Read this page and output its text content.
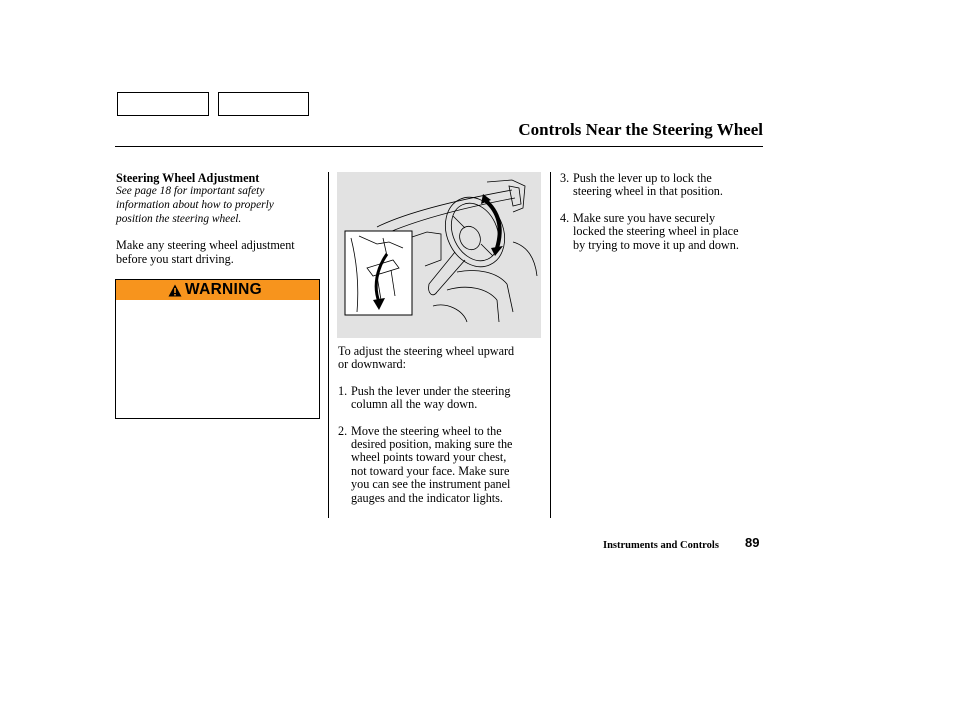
Controls Near the Steering Wheel
Steering Wheel Adjustment
See page 18 for important safety
information about how to properly
position the steering wheel.

Make any steering wheel adjustment
before you start driving.

WARNING
To adjust the steering wheel upward
or downward:
1. Push the lever under the steering
column all the way down.
2. Move the steering wheel to the
desired position, making sure the
wheel points toward your chest,
not toward your face. Make sure
you can see the instrument panel
gauges and the indicator lights.
3. Push the lever up to lock the
steering wheel in that position.
4. Make sure you have securely
locked the steering wheel in place
by trying to move it up and down.
Instruments and Controls 89
